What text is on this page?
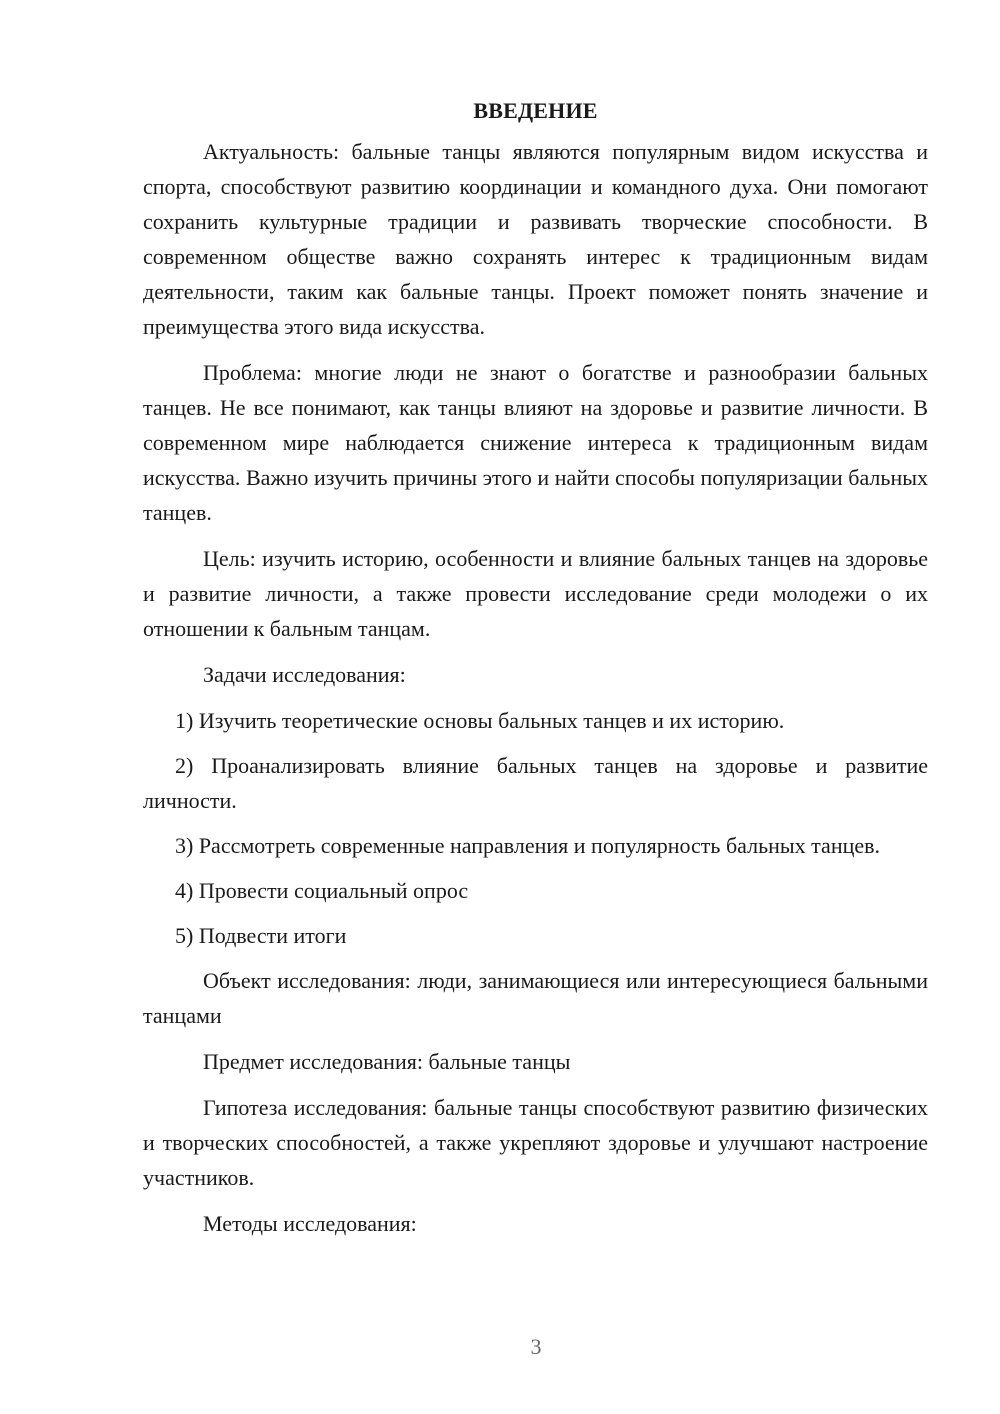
ВВЕДЕНИЕ

Актуальность: бальные танцы являются популярным видом искусства и спорта, способствуют развитию координации и командного духа. Они помогают сохранить культурные традиции и развивать творческие способности. В современном обществе важно сохранять интерес к традиционным видам деятельности, таким как бальные танцы. Проект поможет понять значение и преимущества этого вида искусства.

Проблема: многие люди не знают о богатстве и разнообразии бальных танцев. Не все понимают, как танцы влияют на здоровье и развитие личности. В современном мире наблюдается снижение интереса к традиционным видам искусства. Важно изучить причины этого и найти способы популяризации бальных танцев.

Цель: изучить историю, особенности и влияние бальных танцев на здоровье и развитие личности, а также провести исследование среди молодежи о их отношении к бальным танцам.

Задачи исследования:

1) Изучить теоретические основы бальных танцев и их историю.

2) Проанализировать влияние бальных танцев на здоровье и развитие личности.

3) Рассмотреть современные направления и популярность бальных танцев.

4) Провести социальный опрос

5) Подвести итоги

Объект исследования: люди, занимающиеся или интересующиеся бальными танцами

Предмет исследования: бальные танцы

Гипотеза исследования: бальные танцы способствуют развитию физических и творческих способностей, а также укрепляют здоровье и улучшают настроение участников.

Методы исследования:

3
